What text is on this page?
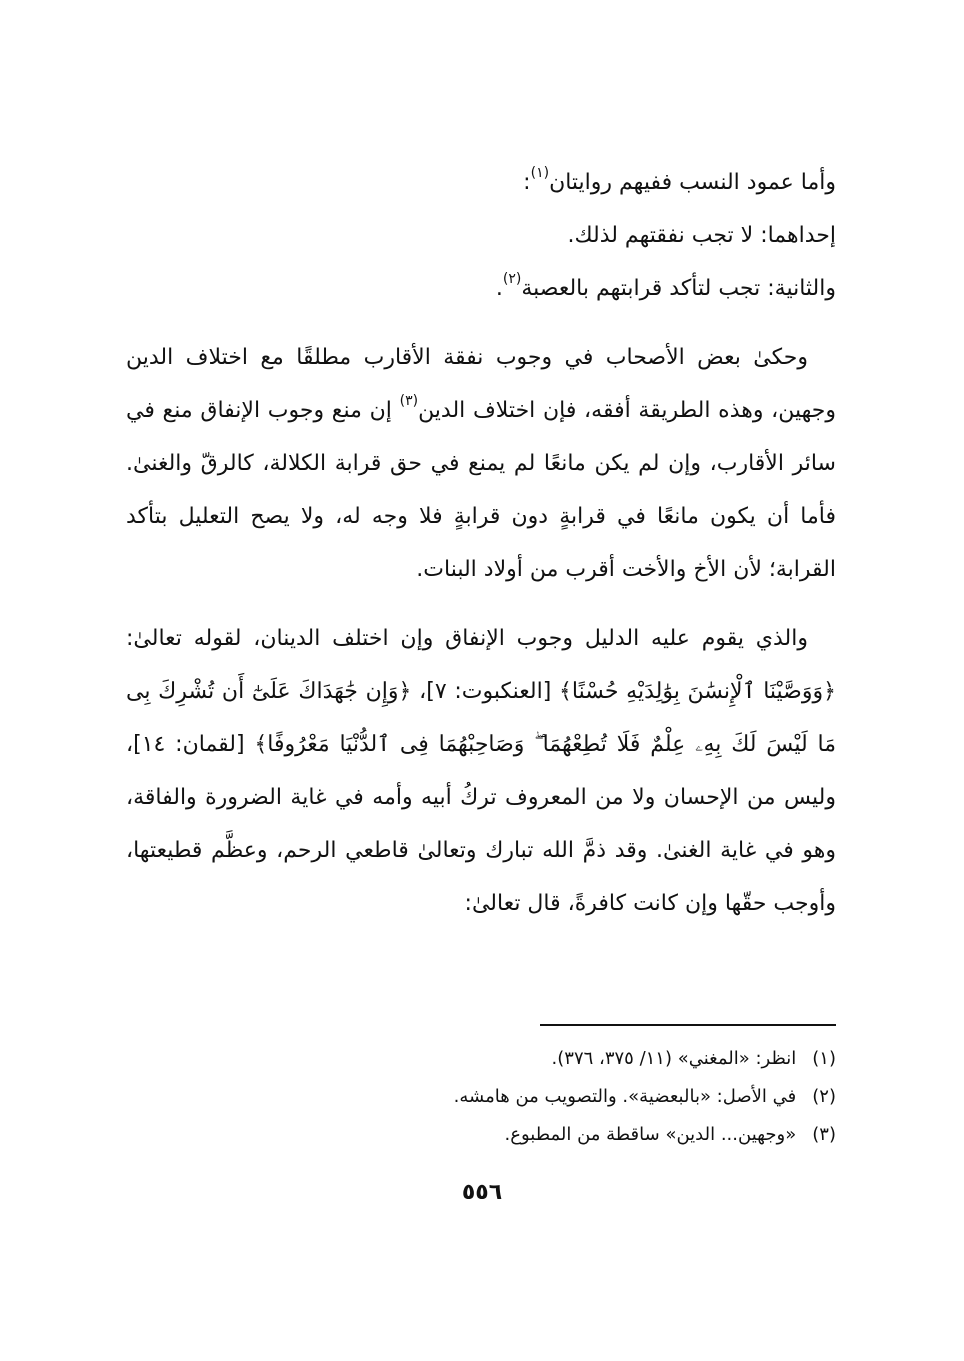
وأما عمود النسب ففيهم روايتان$^{(١)}$:

إحداهما: لا تجب نفقتهم لذلك.

والثانية: تجب لتأكد قرابتهم بالعصبة$^{(٢)}$.

وحكىٰ بعض الأصحاب في وجوب نفقة الأقارب مطلقًا مع اختلاف الدين وجهين، وهذه الطريقة أفقه، فإن اختلاف الدين$^{(٣)}$ إن منع وجوب الإنفاق منع في سائر الأقارب، وإن لم يكن مانعًا لم يمنع في حق قرابة الكلالة، كالرقّ والغنىٰ. فأما أن يكون مانعًا في قرابةٍ دون قرابةٍ فلا وجه له، ولا يصح التعليل بتأكد القرابة؛ لأن الأخ والأخت أقرب من أولاد البنات.

والذي يقوم عليه الدليل وجوب الإنفاق وإن اختلف الدينان، لقوله تعالىٰ: ﴿وَوَصَّيْنَا ٱلْإِنسَٰنَ بِوَٰلِدَيْهِ حُسْنًا﴾ [العنكبوت: ٧]، ﴿وَإِن جَٰهَدَاكَ عَلَىٰٓ أَن تُشْرِكَ بِى مَا لَيْسَ لَكَ بِهِۦ عِلْمٌ فَلَا تُطِعْهُمَا ۖ وَصَاحِبْهُمَا فِى ٱلدُّنْيَا مَعْرُوفًا﴾ [لقمان: ١٤]، وليس من الإحسان ولا من المعروف تركُ أبيه وأمه في غاية الضرورة والفاقة، وهو في غاية الغنىٰ. وقد ذمَّ الله تبارك وتعالىٰ قاطعي الرحم، وعظَّم قطيعتها، وأوجب حقّها وإن كانت كافرةً، قال تعالىٰ:

(١) انظر: «المغني» (١١/ ٣٧٥، ٣٧٦).

(٢) في الأصل: «بالبعضية». والتصويب من هامشه.

(٣) «وجهين... الدين» ساقطة من المطبوع.

٥٥٦
